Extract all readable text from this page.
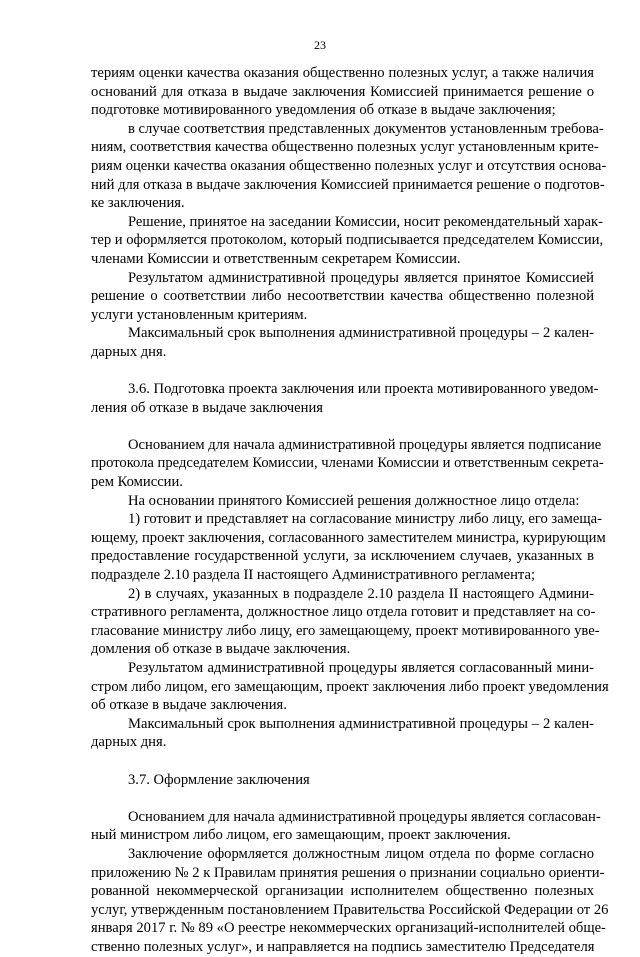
23
териям оценки качества оказания общественно полезных услуг, а также наличия
оснований для отказа в выдаче заключения Комиссией принимается решение о
подготовке мотивированного уведомления об отказе в выдаче заключения;
в случае соответствия представленных документов установленным требова-
ниям, соответствия качества общественно полезных услуг установленным крите-
риям оценки качества оказания общественно полезных услуг и отсутствия основа-
ний для отказа в выдаче заключения Комиссией принимается решение о подготов-
ке заключения.
Решение, принятое на заседании Комиссии, носит рекомендательный харак-
тер и оформляется протоколом, который подписывается председателем Комиссии,
членами Комиссии и ответственным секретарем Комиссии.
Результатом административной процедуры является принятое Комиссией
решение о соответствии либо несоответствии качества общественно полезной
услуги установленным критериям.
Максимальный срок выполнения административной процедуры – 2 кален-
дарных дня.
3.6. Подготовка проекта заключения или проекта мотивированного уведом-
ления об отказе в выдаче заключения
Основанием для начала административной процедуры является подписание
протокола председателем Комиссии, членами Комиссии и ответственным секрета-
рем Комиссии.
На основании принятого Комиссией решения должностное лицо отдела:
1) готовит и представляет на согласование министру либо лицу, его замеща-
ющему, проект заключения, согласованного заместителем министра, курирующим
предоставление государственной услуги, за исключением случаев, указанных в
подразделе 2.10 раздела II настоящего Административного регламента;
2) в случаях, указанных в подразделе 2.10 раздела II настоящего Админи-
стративного регламента, должностное лицо отдела готовит и представляет на со-
гласование министру либо лицу, его замещающему, проект мотивированного уве-
домления об отказе в выдаче заключения.
Результатом административной процедуры является согласованный мини-
стром либо лицом, его замещающим, проект заключения либо проект уведомления
об отказе в выдаче заключения.
Максимальный срок выполнения административной процедуры – 2 кален-
дарных дня.
3.7. Оформление заключения
Основанием для начала административной процедуры является согласован-
ный министром либо лицом, его замещающим, проект заключения.
Заключение оформляется должностным лицом отдела по форме согласно
приложению № 2 к Правилам принятия решения о признании социально ориенти-
рованной некоммерческой организации исполнителем общественно полезных
услуг, утвержденным постановлением Правительства Российской Федерации от 26
января 2017 г. № 89 «О реестре некоммерческих организаций-исполнителей обще-
ственно полезных услуг», и направляется на подпись заместителю Председателя
